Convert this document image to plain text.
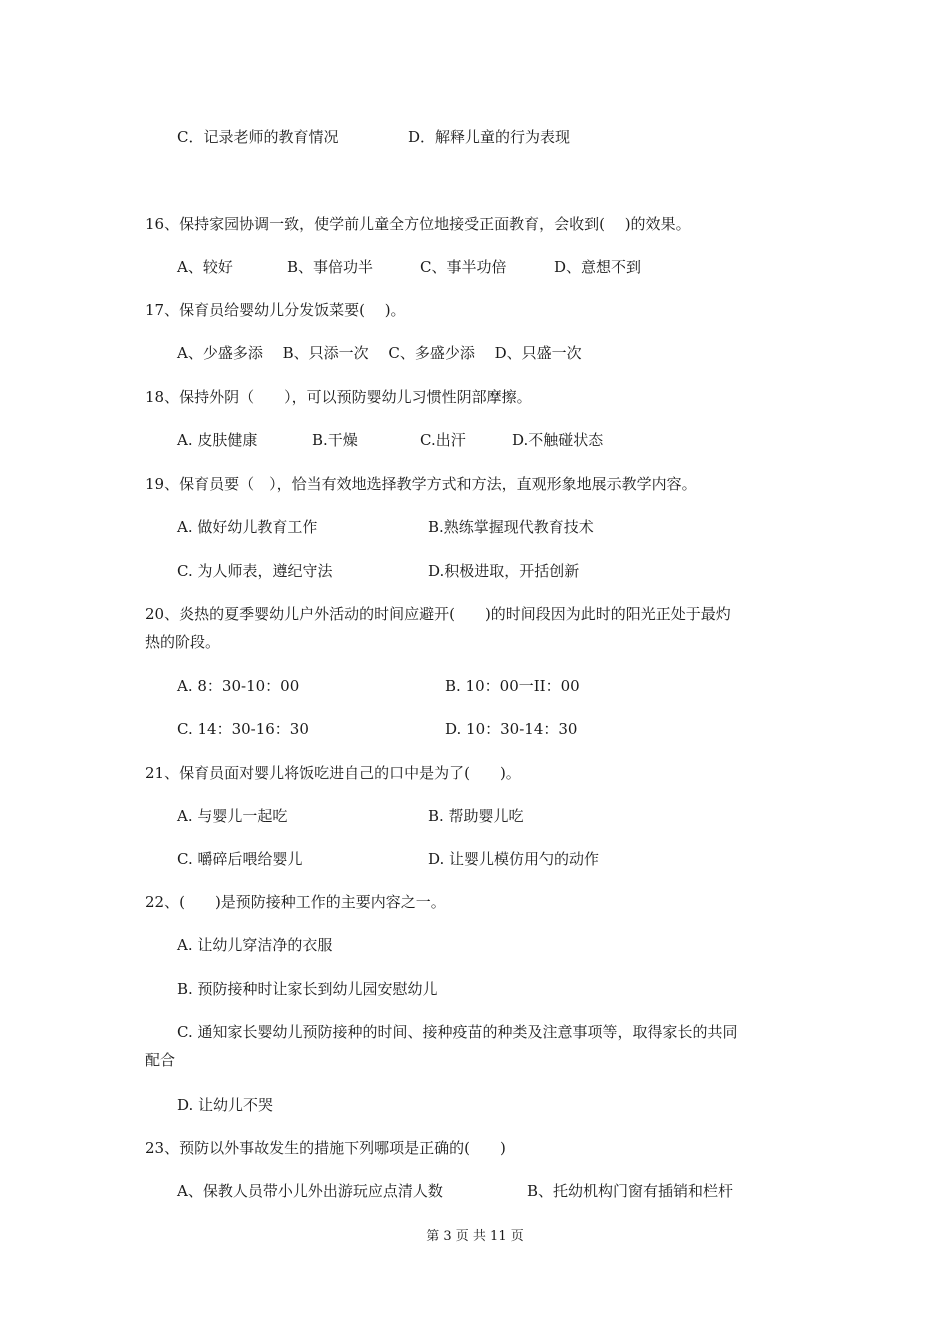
C．记录老师的教育情况	D．解释儿童的行为表现
16、保持家园协调一致，使学前儿童全方位地接受正面教育，会收到(　 )的效果。
A、较好	B、事倍功半	C、事半功倍	D、意想不到
17、保育员给婴幼儿分发饭菜要(　 )。
A、少盛多添　 B、只添一次　 C、多盛少添　 D、只盛一次
18、保持外阴（　　），可以预防婴幼儿习惯性阴部摩擦。
A. 皮肤健康	B.干燥	C.出汗	D.不触碰状态
19、保育员要（　），恰当有效地选择教学方式和方法，直观形象地展示教学内容。
A. 做好幼儿教育工作	B.熟练掌握现代教育技术
C. 为人师表，遵纪守法	D.积极进取，开括创新
20、炎热的夏季婴幼儿户外活动的时间应避开(　　)的时间段因为此时的阳光正处于最灼
热的阶段。
A. 8：30-10：00	B. 10：00一II：00
C. 14：30-16：30	D. 10：30-14：30
21、保育员面对婴儿将饭吃进自己的口中是为了(　　)。
A. 与婴儿一起吃	B. 帮助婴儿吃
C. 嚼碎后喂给婴儿	D. 让婴儿模仿用勺的动作
22、(　　)是预防接种工作的主要内容之一。
A. 让幼儿穿洁净的衣服
B. 预防接种时让家长到幼儿园安慰幼儿
C. 通知家长婴幼儿预防接种的时间、接种疫苗的种类及注意事项等，取得家长的共同
配合
D. 让幼儿不哭
23、预防以外事故发生的措施下列哪项是正确的(　　)
A、保教人员带小儿外出游玩应点清人数	B、托幼机构门窗有插销和栏杆
第 3 页 共 11 页
